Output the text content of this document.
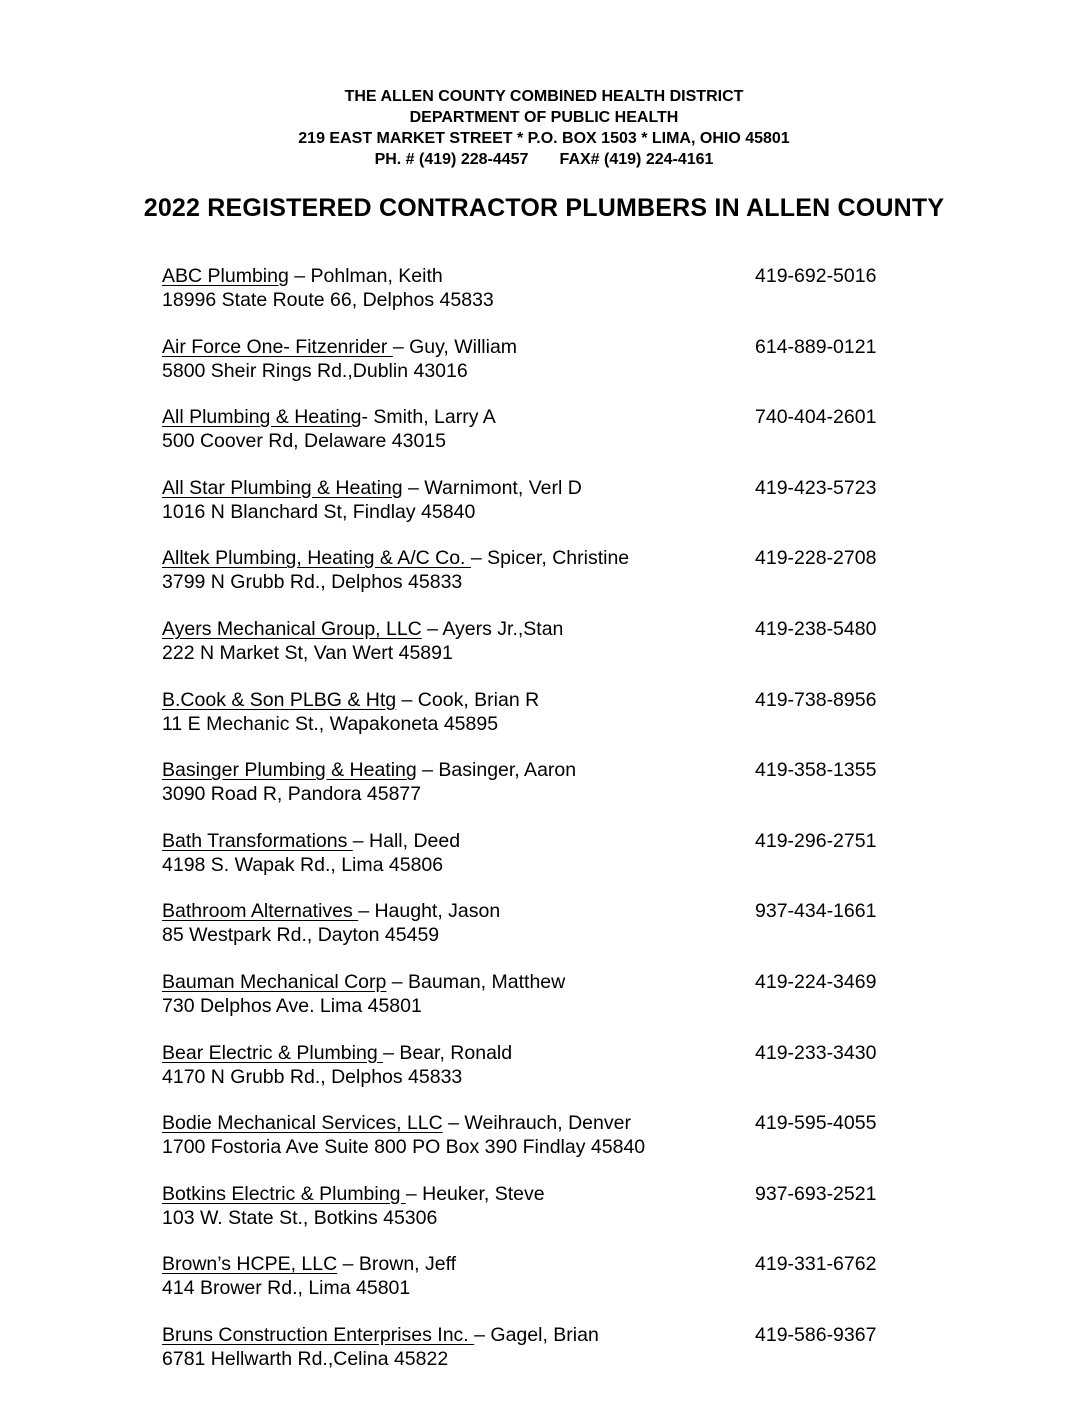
THE ALLEN COUNTY COMBINED HEALTH DISTRICT
DEPARTMENT OF PUBLIC HEALTH
219 EAST MARKET STREET * P.O. BOX 1503 * LIMA, OHIO 45801
PH. # (419) 228-4457       FAX# (419) 224-4161
2022 REGISTERED CONTRACTOR PLUMBERS IN ALLEN COUNTY
ABC Plumbing – Pohlman, Keith
18996 State Route 66, Delphos 45833
419-692-5016
Air Force One- Fitzenrider – Guy, William
5800 Sheir Rings Rd.,Dublin 43016
614-889-0121
All Plumbing & Heating- Smith, Larry A
500 Coover Rd, Delaware 43015
740-404-2601
All Star Plumbing & Heating – Warnimont, Verl D
1016 N Blanchard St, Findlay 45840
419-423-5723
Alltek Plumbing, Heating & A/C Co. – Spicer, Christine
3799 N Grubb Rd., Delphos 45833
419-228-2708
Ayers Mechanical Group, LLC – Ayers Jr.,Stan
222 N Market St, Van Wert 45891
419-238-5480
B.Cook & Son PLBG & Htg – Cook, Brian R
11 E Mechanic St., Wapakoneta 45895
419-738-8956
Basinger Plumbing & Heating – Basinger, Aaron
3090 Road R, Pandora 45877
419-358-1355
Bath Transformations – Hall, Deed
4198 S. Wapak Rd., Lima 45806
419-296-2751
Bathroom Alternatives – Haught, Jason
85 Westpark Rd., Dayton 45459
937-434-1661
Bauman Mechanical Corp – Bauman, Matthew
730 Delphos Ave. Lima 45801
419-224-3469
Bear Electric & Plumbing – Bear, Ronald
4170 N Grubb Rd., Delphos 45833
419-233-3430
Bodie Mechanical Services, LLC – Weihrauch, Denver
1700 Fostoria Ave Suite 800 PO Box 390 Findlay 45840
419-595-4055
Botkins Electric & Plumbing – Heuker, Steve
103 W. State St., Botkins 45306
937-693-2521
Brown’s HCPE, LLC – Brown, Jeff
414 Brower Rd., Lima 45801
419-331-6762
Bruns Construction Enterprises Inc. – Gagel, Brian
6781 Hellwarth Rd.,Celina 45822
419-586-9367
